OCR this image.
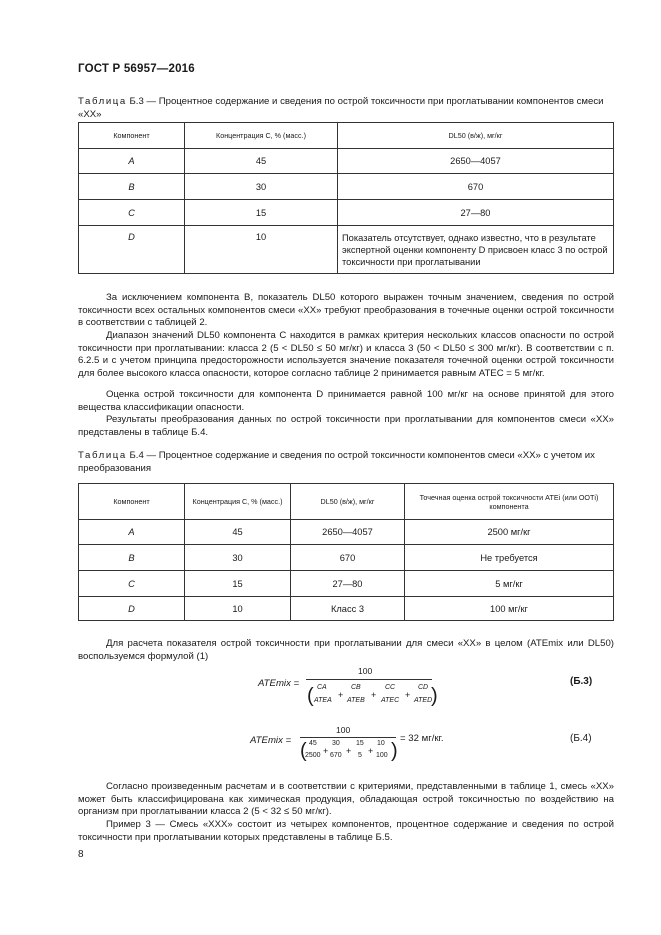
ГОСТ Р 56957—2016
Таблица Б.3 — Процентное содержание и сведения по острой токсичности при проглатывании компонентов смеси «XX»
Компонент	Концентрация С, % (масс.)	DL50 (в/ж), мг/кг
A	45	2650—4057
B	30	670
C	15	27—80
D	10	Показатель отсутствует, однако известно, что в результате экспертной оценки компоненту D присвоен класс 3 по острой токсичности при проглатывании
За исключением компонента B, показатель DL50 которого выражен точным значением, сведения по острой токсичности всех остальных компонентов смеси «XX» требуют преобразования в точечные оценки острой токсичности в соответствии с таблицей 2.
Диапазон значений DL50 компонента C находится в рамках критерия нескольких классов опасности по острой токсичности при проглатывании: класса 2 (5 < DL50 ≤ 50 мг/кг) и класса 3 (50 < DL50 ≤ 300 мг/кг). В соответствии с п. 6.2.5 и с учетом принципа предосторожности используется значение показателя точечной оценки острой токсичности для более высокого класса опасности, которое согласно таблице 2 принимается равным ATEC = 5 мг/кг.
Оценка острой токсичности для компонента D принимается равной 100 мг/кг на основе принятой для этого вещества классификации опасности.
Результаты преобразования данных по острой токсичности при проглатывании для компонентов смеси «XX» представлены в таблице Б.4.
Таблица Б.4 — Процентное содержание и сведения по острой токсичности компонентов смеси «XX» с учетом их преобразования
Компонент	Концентрация С, % (масс.)	DL50 (в/ж), мг/кг	Точечная оценка острой токсичности ATEi (или ООТi) компонента
A	45	2650—4057	2500 мг/кг
B	30	670	Не требуется
C	15	27—80	5 мг/кг
D	10	Класс 3	100 мг/кг
Для расчета показателя острой токсичности при проглатывании для смеси «XX» в целом (ATEmix или DL50) воспользуемся формулой (1)
ATEmix =
100
( CA
ATEA
+
CB
ATEB
+
CC
ATEC
+
CD
ATED
)
(Б.3)
ATEmix =
100
( 45
2500 +
30
670 +
15
5 +
10
100 )
= 32 мг/кг.	(Б.4)
Согласно произведенным расчетам и в соответствии с критериями, представленными в таблице 1, смесь «XX» может быть классифицирована как химическая продукция, обладающая острой токсичностью по воздействию на организм при проглатывании класса 2 (5 < 32 ≤ 50 мг/кг).
Пример 3 — Смесь «XXX» состоит из четырех компонентов, процентное содержание и сведения по острой токсичности при проглатывании которых представлены в таблице Б.5.
8
